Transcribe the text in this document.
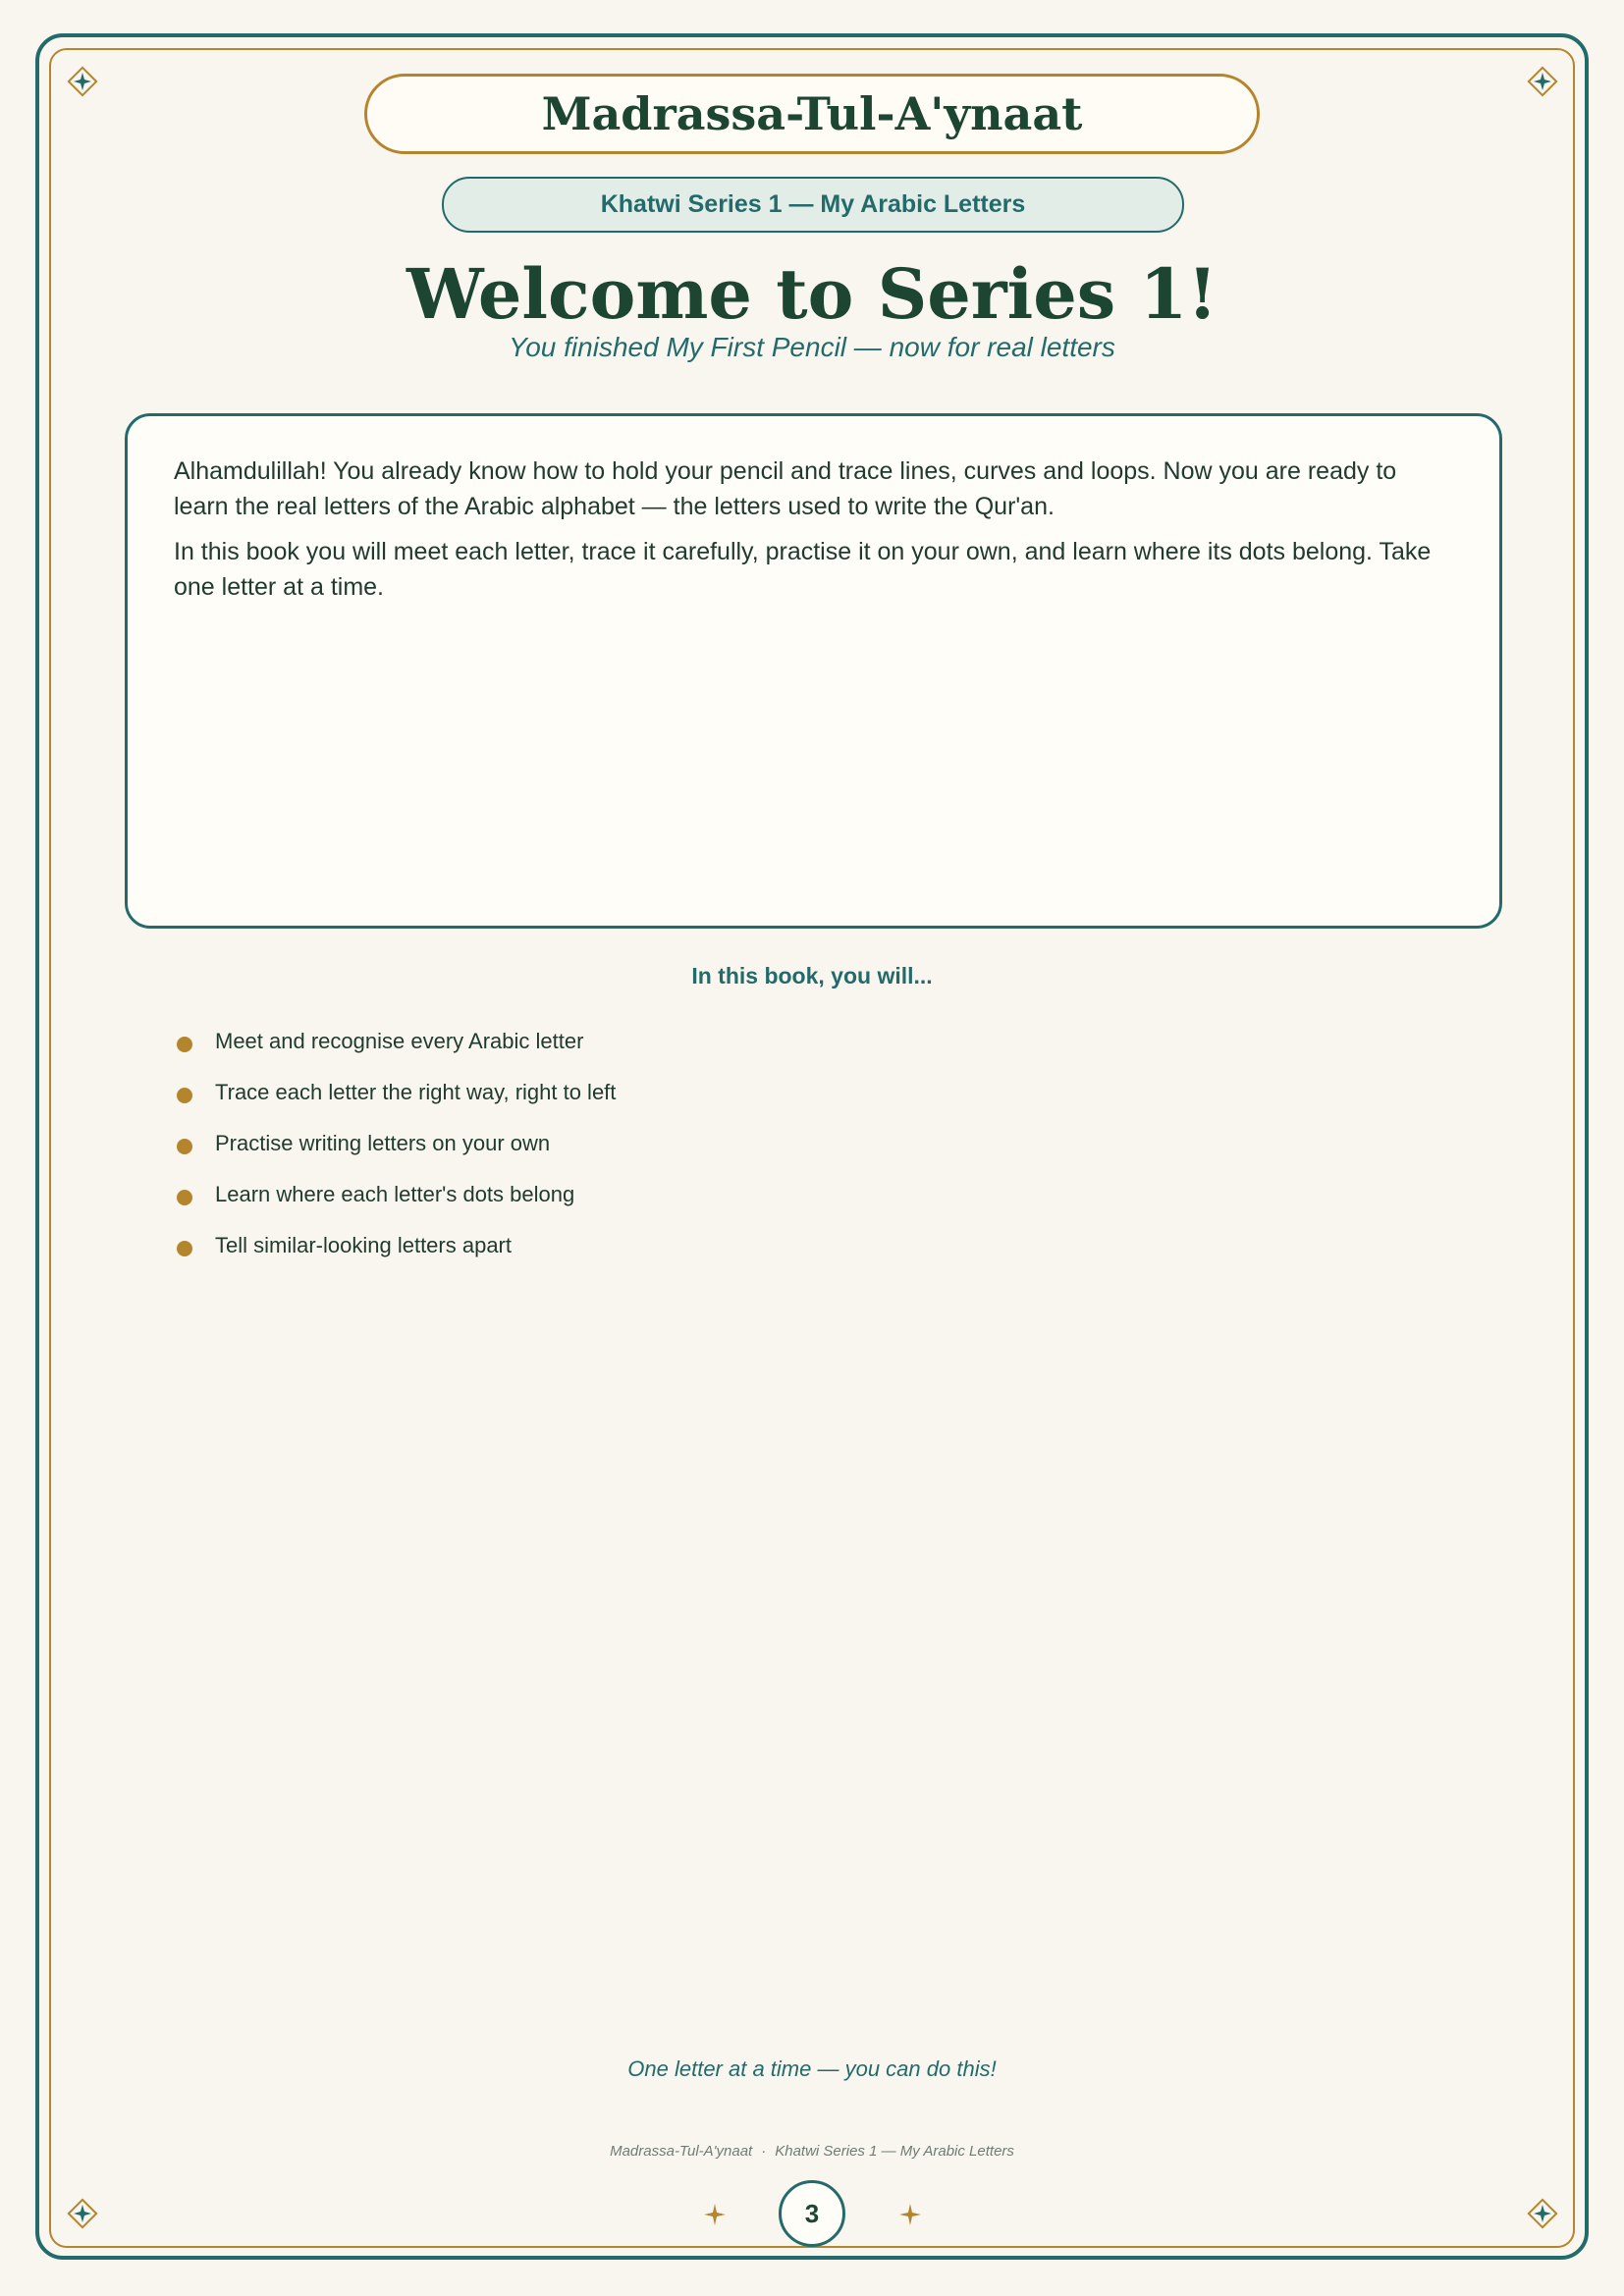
Madrassa-Tul-A'ynaat
Khatwi Series 1 — My Arabic Letters
Welcome to Series 1!
You finished My First Pencil — now for real letters

Alhamdulillah! You already know how to hold your pencil and trace lines, curves and loops. Now you are ready to learn the real letters of the Arabic alphabet — the letters used to write the Qur'an.

In this book you will meet each letter, trace it carefully, practise it on your own, and learn where its dots belong. Take one letter at a time.

In this book, you will...
Meet and recognise every Arabic letter
Trace each letter the right way, right to left
Practise writing letters on your own
Learn where each letter's dots belong
Tell similar-looking letters apart
One letter at a time — you can do this!
Madrassa-Tul-A'ynaat · Khatwi Series 1 — My Arabic Letters
3
